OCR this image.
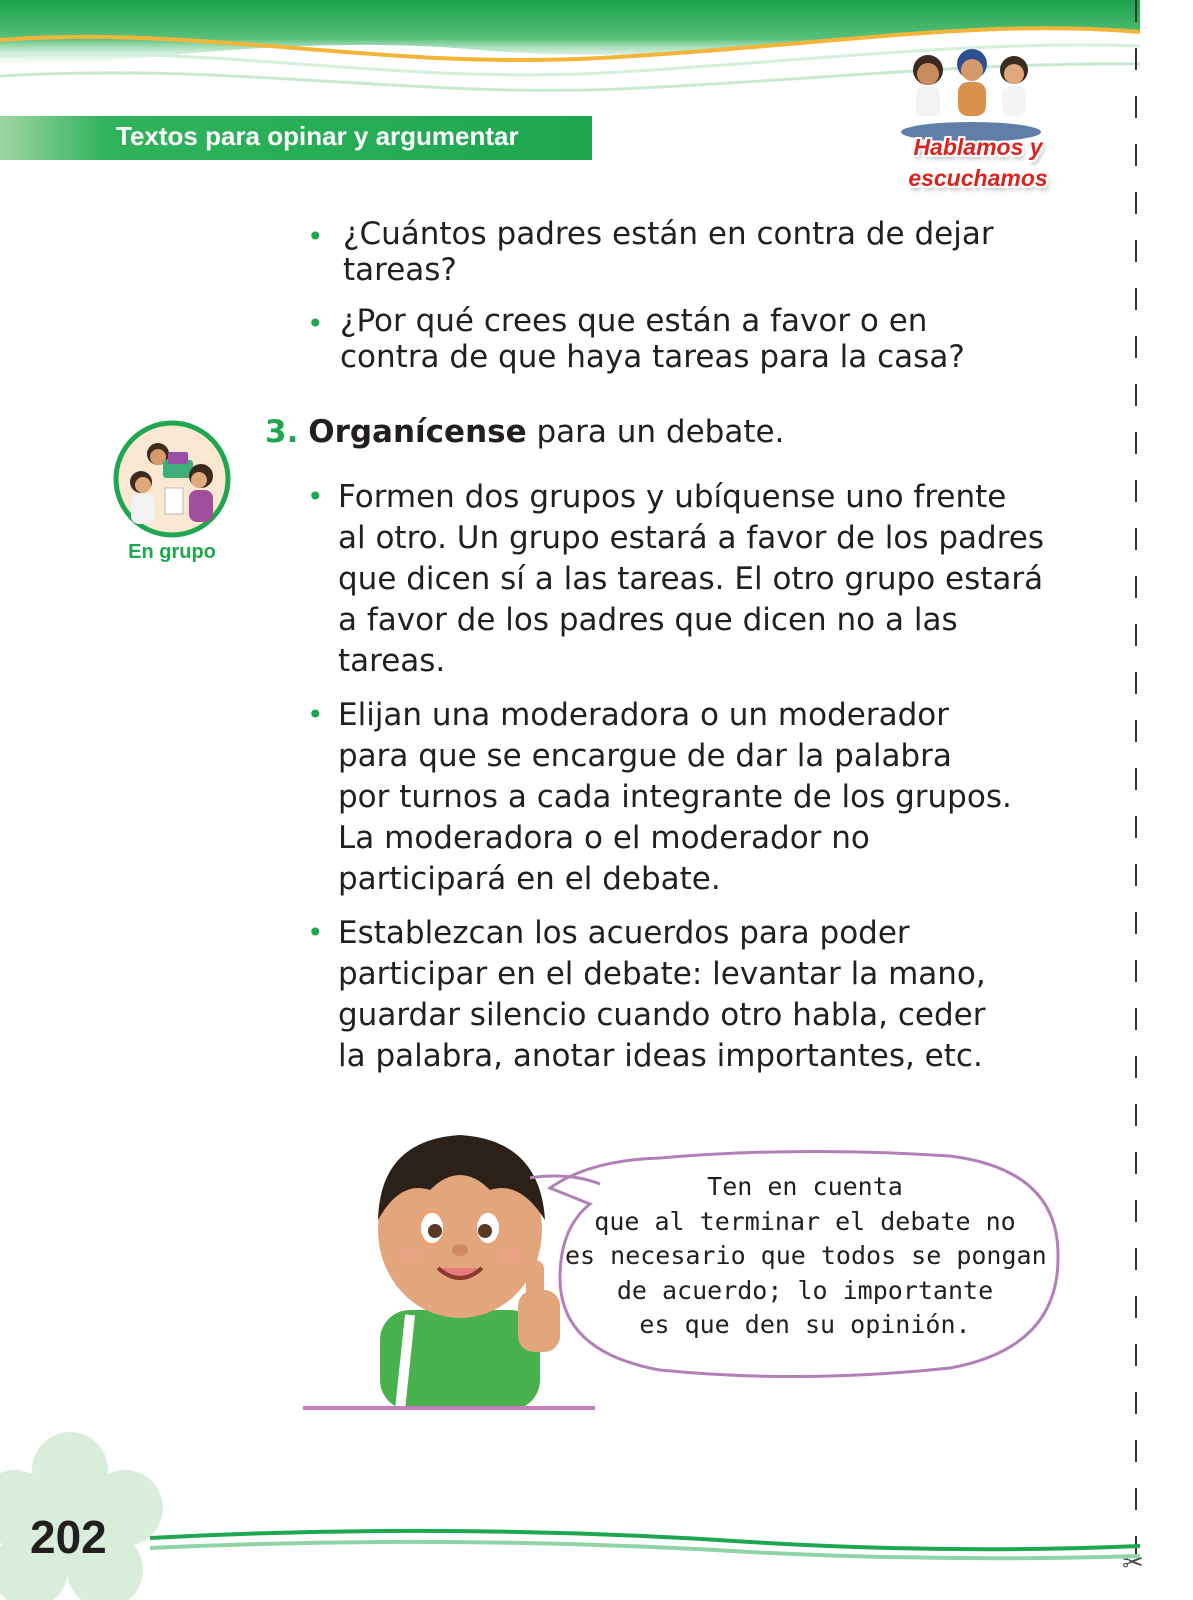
Textos para opinar y argumentar	Hablamos y
escuchamos
✂
• ¿Cuántos padres están en contra de dejar
tareas?

• ¿Por qué crees que están a favor o en
contra de que haya tareas para la casa?

En grupo

3. Organícense para un debate.

• Formen dos grupos y ubíquense uno frente
al otro. Un grupo estará a favor de los padres
que dicen sí a las tareas. El otro grupo estará
a favor de los padres que dicen no a las
tareas.

• Elijan una moderadora o un moderador
para que se encargue de dar la palabra
por turnos a cada integrante de los grupos.
La moderadora o el moderador no
participará en el debate.

• Establezcan los acuerdos para poder
participar en el debate: levantar la mano,
guardar silencio cuando otro habla, ceder
la palabra, anotar ideas importantes, etc.

Ten en cuenta
que al terminar el debate no
es necesario que todos se pongan
de acuerdo; lo importante
es que den su opinión.
202
